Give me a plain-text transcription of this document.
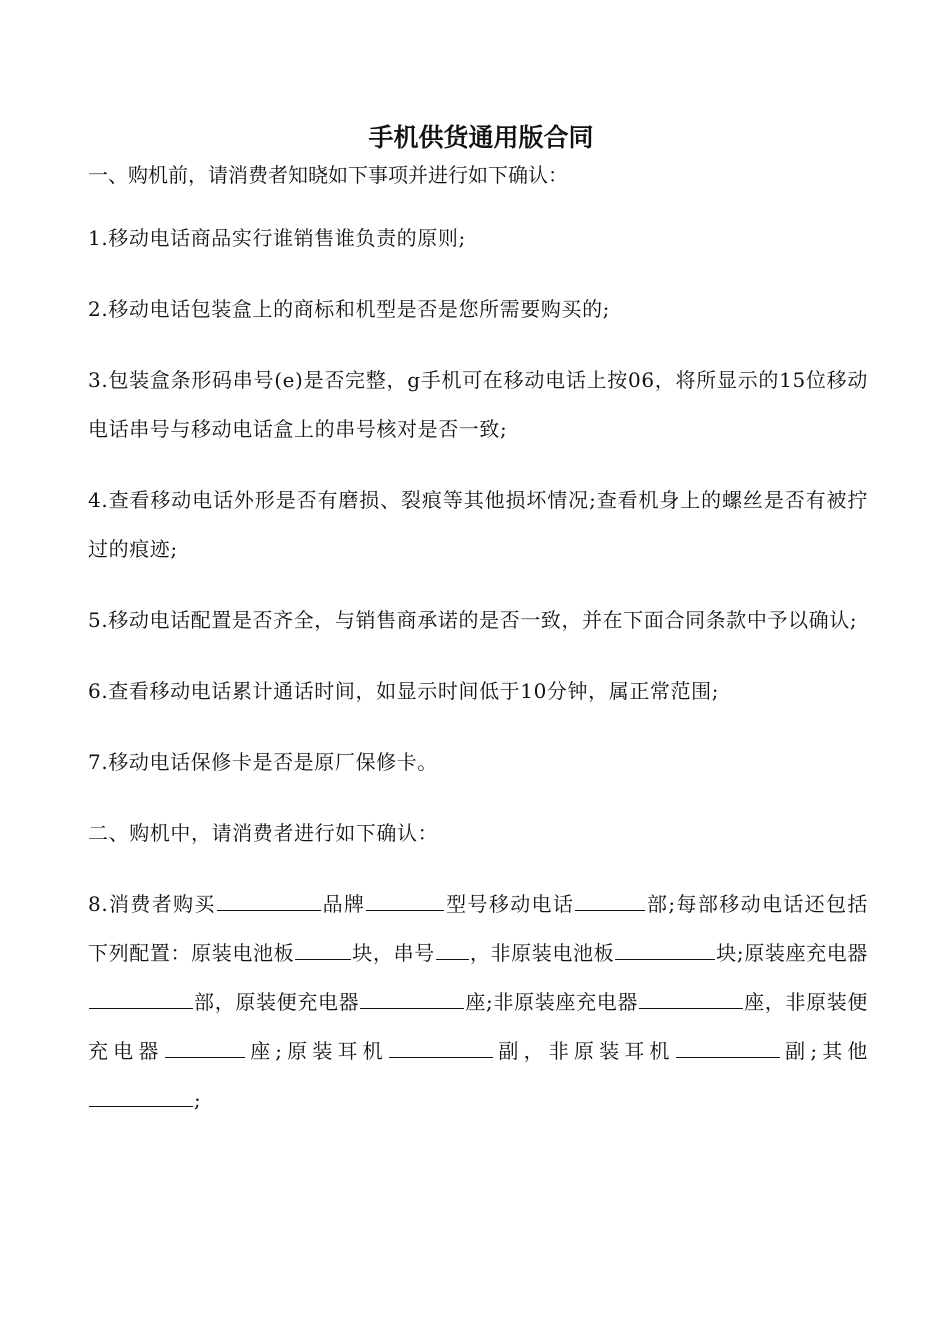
手机供货通用版合同

一、购机前，请消费者知晓如下事项并进行如下确认：

1.移动电话商品实行谁销售谁负责的原则;

2.移动电话包装盒上的商标和机型是否是您所需要购买的;

3.包装盒条形码串号(e)是否完整，g手机可在移动电话上按06，将所显示的15位移动电话串号与移动电话盒上的串号核对是否一致;

4.查看移动电话外形是否有磨损、裂痕等其他损坏情况;查看机身上的螺丝是否有被拧过的痕迹;

5.移动电话配置是否齐全，与销售商承诺的是否一致，并在下面合同条款中予以确认;

6.查看移动电话累计通话时间，如显示时间低于10分钟，属正常范围;

7.移动电话保修卡是否是原厂保修卡。

二、购机中，请消费者进行如下确认：

8.消费者购买	品牌	型号移动电话	部;每部移动电话还包括下列配置：原装电池板	块，串号 ，非原装电池板	块;原装座充电器部，原装便充电器	座;非原装座充电器	座，非原装便充电器	座;原装耳机	副，非原装耳机	副;其他;
